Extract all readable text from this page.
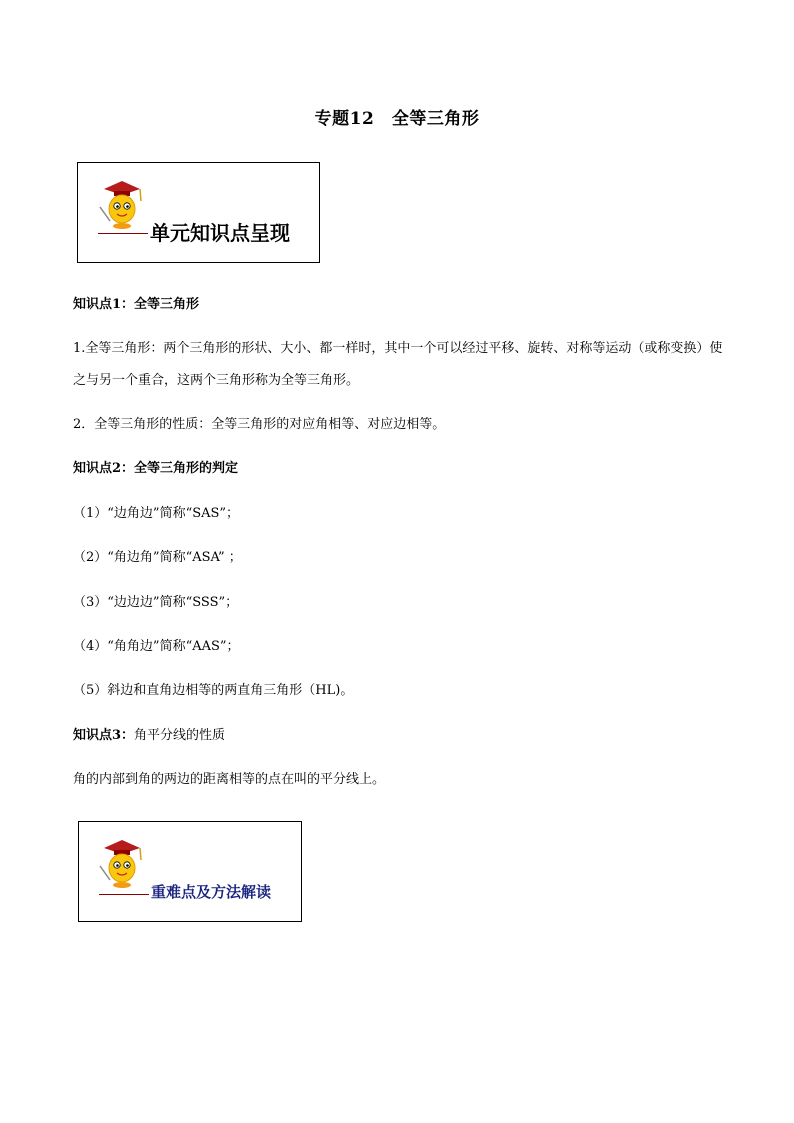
专题12　全等三角形
单元知识点呈现
知识点1：全等三角形
1.全等三角形：两个三角形的形状、大小、都一样时，其中一个可以经过平移、旋转、对称等运动（或称变换）使之与另一个重合，这两个三角形称为全等三角形。
2．全等三角形的性质：全等三角形的对应角相等、对应边相等。
知识点2：全等三角形的判定
（1）“边角边”简称“SAS”；
（2）“角边角”简称“ASA” ；
（3）“边边边”简称“SSS”；
（4）“角角边”简称“AAS”；
（5）斜边和直角边相等的两直角三角形（HL)。
知识点3：角平分线的性质
角的内部到角的两边的距离相等的点在叫的平分线上。
重难点及方法解读
